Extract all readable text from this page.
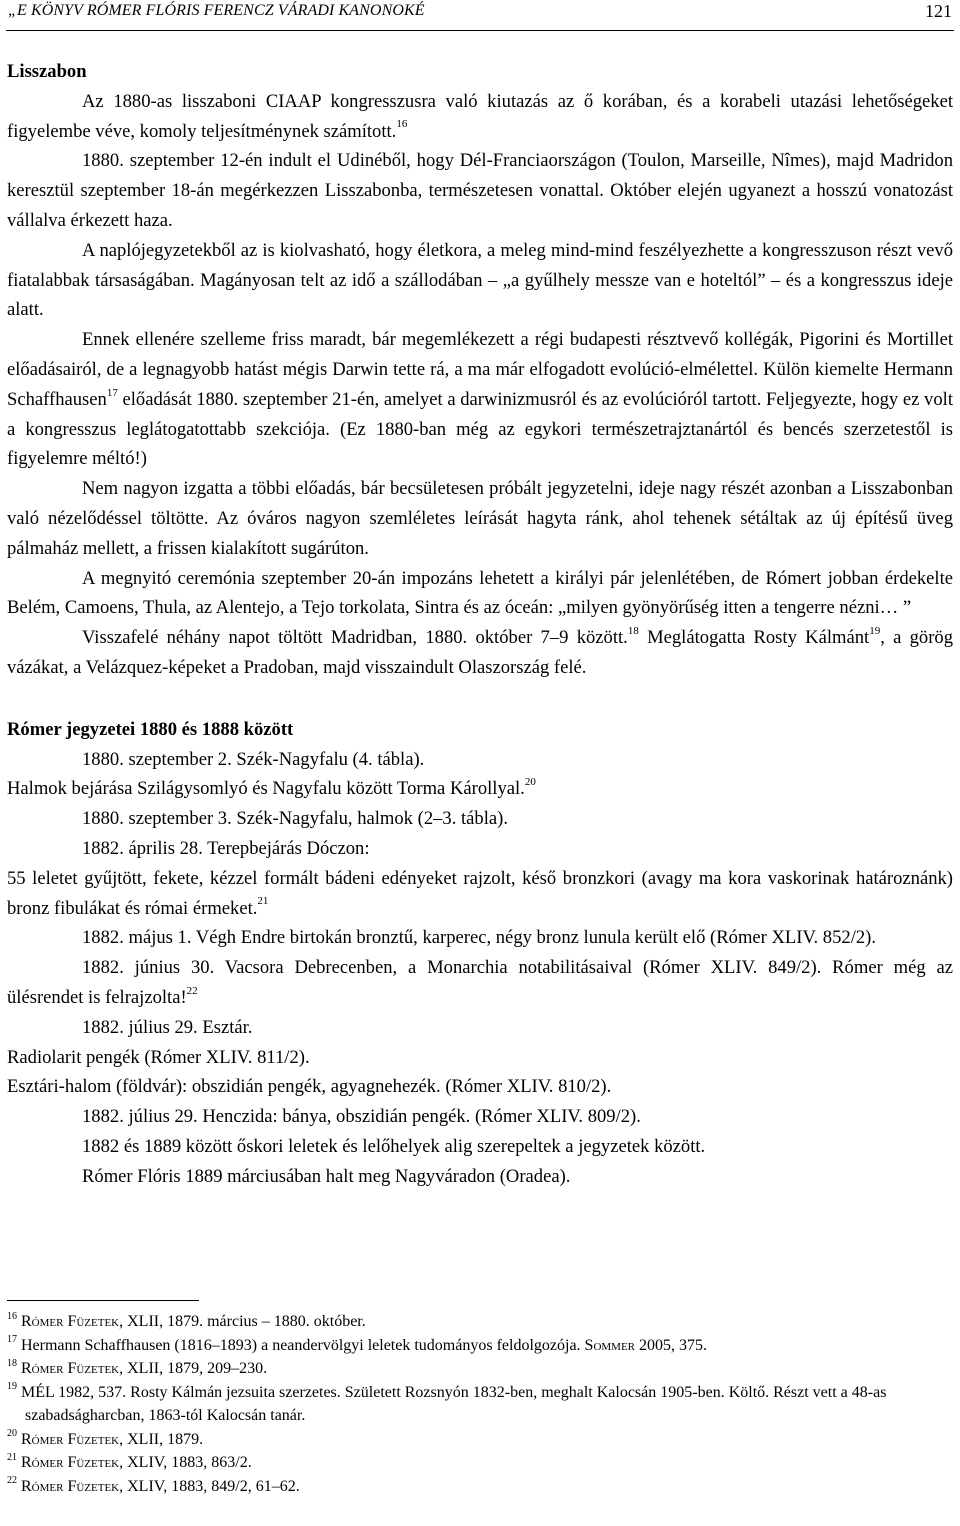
„E KÖNYV RÓMER FLÓRIS FERENCZ VÁRADI KANONOKÉ	121
Lisszabon

Az 1880-as lisszaboni CIAAP kongresszusra való kiutazás az ő korában, és a korabeli utazási lehetőségeket figyelembe véve, komoly teljesítménynek számított.$^{16}$

1880. szeptember 12-én indult el Udinéből, hogy Dél-Franciaországon (Toulon, Marseille, Nîmes), majd Madridon keresztül szeptember 18-án megérkezzen Lisszabonba, természetesen vonattal. Október elején ugyanezt a hosszú vonatozást vállalva érkezett haza.

A naplójegyzetekből az is kiolvasható, hogy életkora, a meleg mind-mind feszélyezhette a kongresszuson részt vevő fiatalabbak társaságában. Magányosan telt az idő a szállodában – „a gyűlhely messze van e hoteltól” – és a kongresszus ideje alatt.

Ennek ellenére szelleme friss maradt, bár megemlékezett a régi budapesti résztvevő kollégák, Pigorini és Mortillet előadásairól, de a legnagyobb hatást mégis Darwin tette rá, a ma már elfogadott evolúció-elmélettel. Külön kiemelte Hermann Schaffhausen$^{17}$ előadását 1880. szeptember 21-én, amelyet a darwinizmusról és az evolúcióról tartott. Feljegyezte, hogy ez volt a kongresszus leglátogatottabb szekciója. (Ez 1880-ban még az egykori természetrajztanártól és bencés szerzetestől is figyelemre méltó!)

Nem nagyon izgatta a többi előadás, bár becsületesen próbált jegyzetelni, ideje nagy részét azonban a Lisszabonban való nézelődéssel töltötte. Az óváros nagyon szemléletes leírását hagyta ránk, ahol tehenek sétáltak az új építésű üveg pálmaház mellett, a frissen kialakított sugárúton.

A megnyitó ceremónia szeptember 20-án impozáns lehetett a királyi pár jelenlétében, de Rómert jobban érdekelte Belém, Camoens, Thula, az Alentejo, a Tejo torkolata, Sintra és az óceán: „milyen gyönyörűség itten a tengerre nézni… ”

Visszafelé néhány napot töltött Madridban, 1880. október 7–9 között.$^{18}$ Meglátogatta Rosty Kálmánt$^{19}$, a görög vázákat, a Velázquez-képeket a Pradoban, majd visszaindult Olaszország felé.

Rómer jegyzetei 1880 és 1888 között
1880. szeptember 2. Szék-Nagyfalu (4. tábla).
Halmok bejárása Szilágysomlyó és Nagyfalu között Torma Károllyal.$^{20}$
1880. szeptember 3. Szék-Nagyfalu, halmok (2–3. tábla).
1882. április 28. Terepbejárás Dóczon:

55 leletet gyűjtött, fekete, kézzel formált bádeni edényeket rajzolt, késő bronzkori (avagy ma kora vaskorinak határoznánk) bronz fibulákat és római érmeket.$^{21}$

1882. május 1. Végh Endre birtokán bronztű, karperec, négy bronz lunula került elő (Rómer XLIV. 852/2).

1882. június 30. Vacsora Debrecenben, a Monarchia notabilitásaival (Rómer XLIV. 849/2). Rómer még az ülésrendet is felrajzolta!$^{22}$

1882. július 29. Esztár.
Radiolarit pengék (Rómer XLIV. 811/2).
Esztári-halom (földvár): obszidián pengék, agyagnehezék. (Rómer XLIV. 810/2).
1882. július 29. Henczida: bánya, obszidián pengék. (Rómer XLIV. 809/2).
1882 és 1889 között őskori leletek és lelőhelyek alig szerepeltek a jegyzetek között.
Rómer Flóris 1889 márciusában halt meg Nagyváradon (Oradea).
$^{16}$ Rómer Füzetek, XLII, 1879. március – 1880. október.
$^{17}$ Hermann Schaffhausen (1816–1893) a neandervölgyi leletek tudományos feldolgozója. Sommer 2005, 375.
$^{18}$ Rómer Füzetek, XLII, 1879, 209–230.
$^{19}$ MÉL 1982, 537. Rosty Kálmán jezsuita szerzetes. Született Rozsnyón 1832-ben, meghalt Kalocsán 1905-ben. Költő. Részt vett a 48-as szabadságharcban, 1863-tól Kalocsán tanár.
$^{20}$ Rómer Füzetek, XLII, 1879.
$^{21}$ Rómer Füzetek, XLIV, 1883, 863/2.
$^{22}$ Rómer Füzetek, XLIV, 1883, 849/2, 61–62.
